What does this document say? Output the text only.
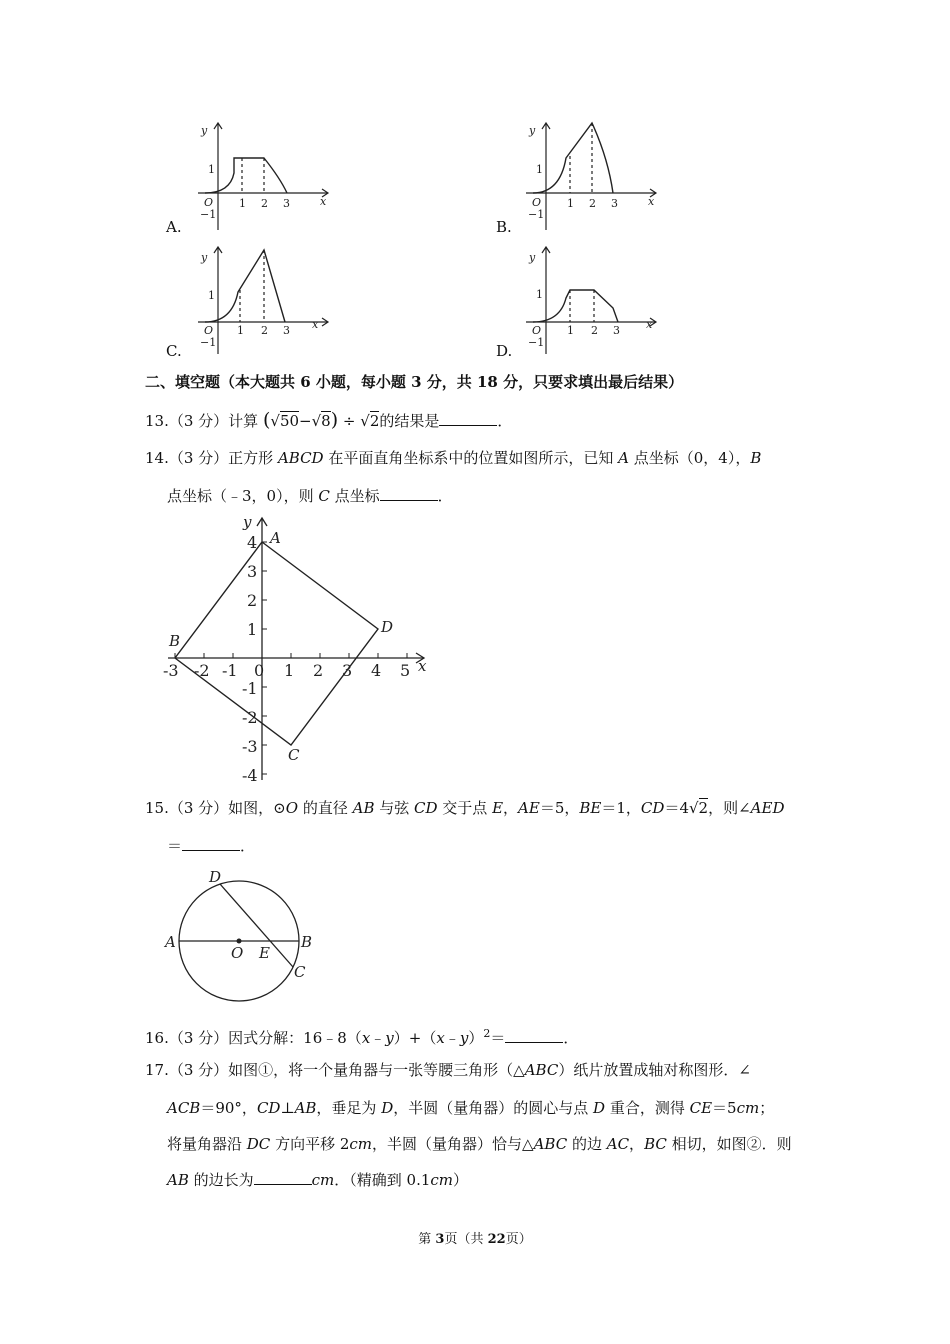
y
x
O
1
−1
1 2 3
A.
y
x
O
1
−1
1 2 3
B.
y
x
O
1
−1
1 2 3
C.
y
x
O
1
−1
1 2 3
D.
二、填空题（本大题共 6 小题，每小题 3 分，共 18 分，只要求填出最后结果）
13.（3 分）计算 (√50−√8) ÷ √2的结果是	．
14.（3 分）正方形 ABCD 在平面直角坐标系中的位置如图所示，已知 A 点坐标（0，4），B
点坐标（﹣3，0），则 C 点坐标	．
-3 -2 -1 0 1 2 3 4 5
4
3
2
1
-1
-2
-3
-4
y
x
A
B
C
D
15.（3 分）如图，⊙O 的直径 AB 与弦 CD 交于点 E，AE＝5，BE＝1，CD＝4√2，则∠AED
＝	．
D
A
O E
B
C
16.（3 分）因式分解：16﹣8（x﹣y）+（x﹣y）$^2$＝	．
17.（3 分）如图①，将一个量角器与一张等腰三角形（△ABC）纸片放置成轴对称图形．∠
ACB＝90°，CD⊥AB，垂足为 D，半圆（量角器）的圆心与点 D 重合，测得 CE＝5cm；
将量角器沿 DC 方向平移 2cm，半圆（量角器）恰与△ABC 的边 AC，BC 相切，如图②．则
AB 的边长为	cm．（精确到 0.1cm）
第 3页（共 22页）
